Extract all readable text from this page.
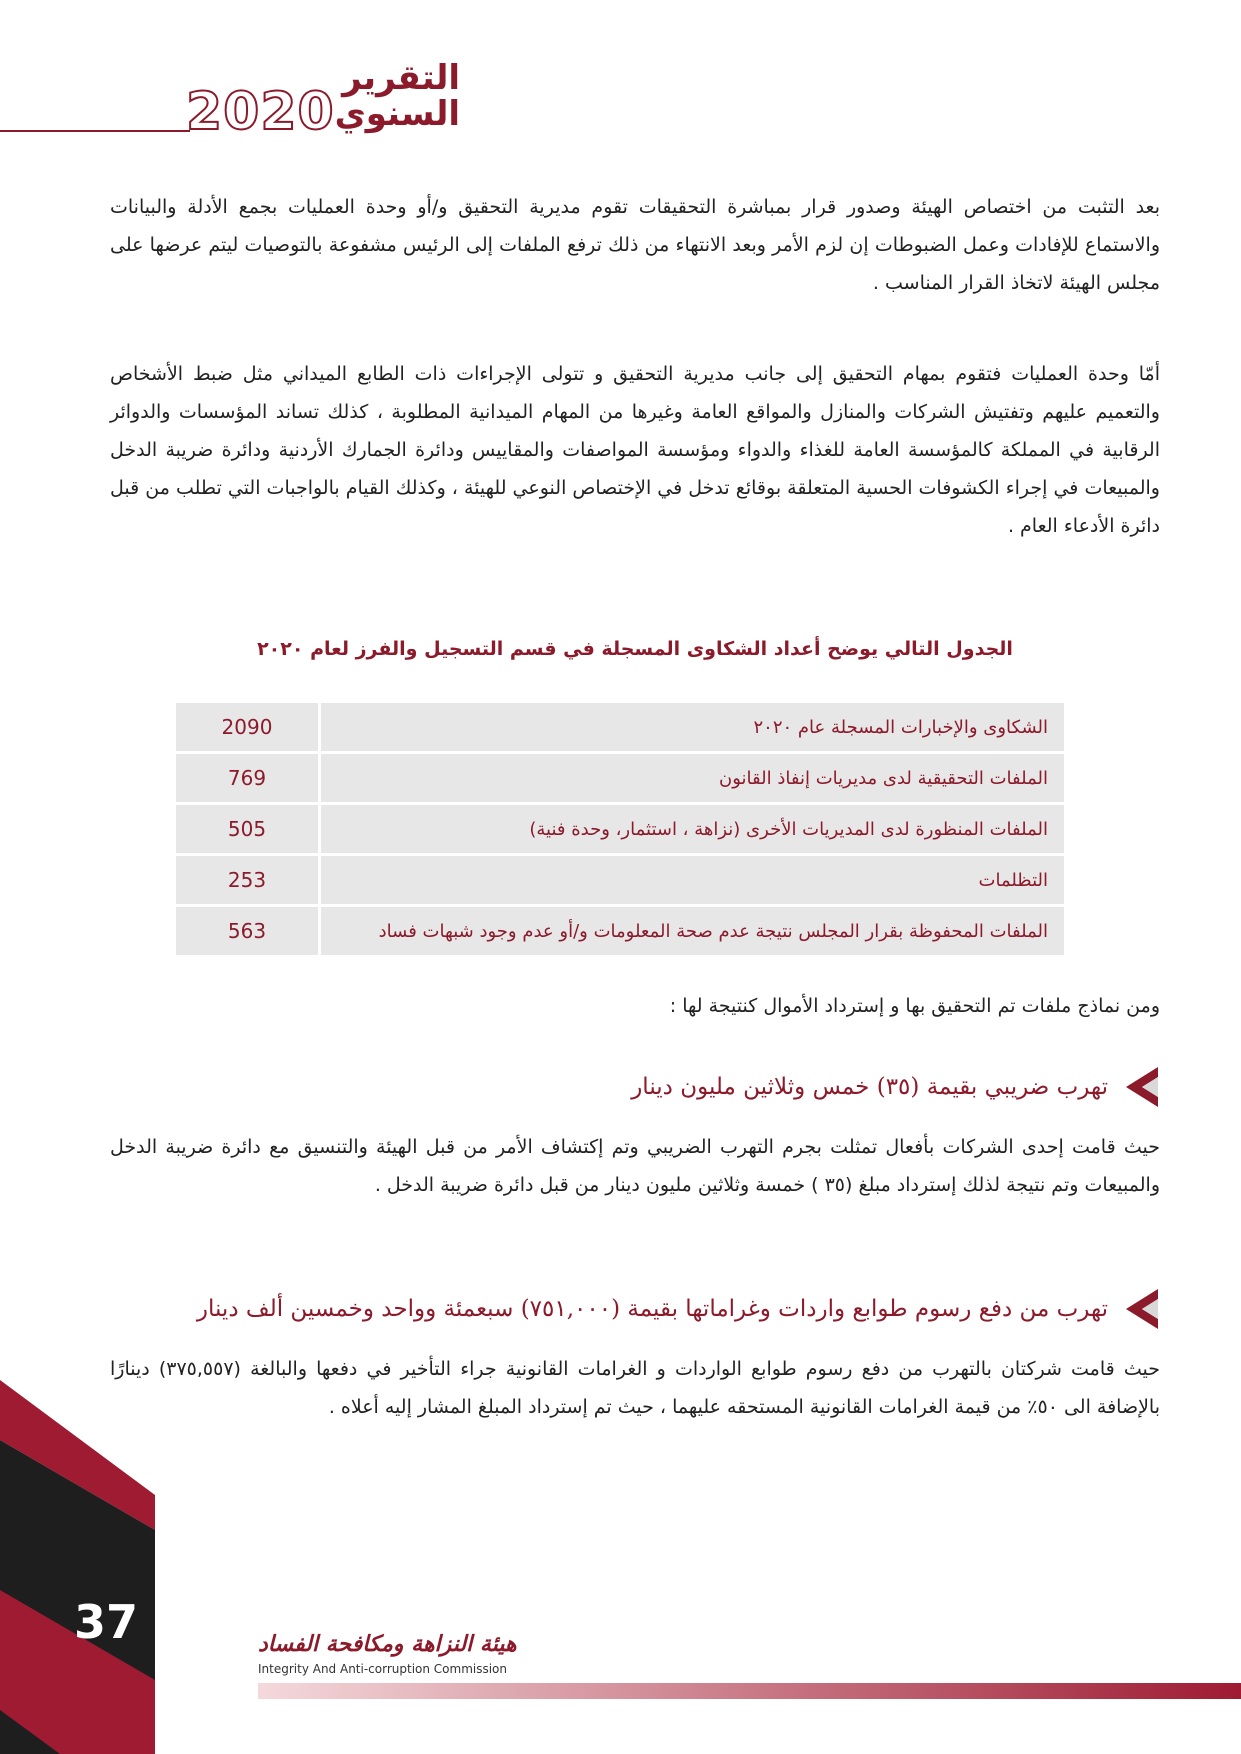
2020
التقرير
السنوي

بعد التثبت من اختصاص الهيئة وصدور قرار بمباشرة التحقيقات تقوم مديرية التحقيق و/أو وحدة العمليات بجمع الأدلة والبيانات والاستماع للإفادات وعمل الضبوطات إن لزم الأمر وبعد الانتهاء من ذلك ترفع الملفات إلى الرئيس مشفوعة بالتوصيات ليتم عرضها على مجلس الهيئة لاتخاذ القرار المناسب .

أمّا وحدة العمليات فتقوم بمهام التحقيق إلى جانب مديرية التحقيق و تتولى الإجراءات ذات الطابع الميداني مثل ضبط الأشخاص والتعميم عليهم وتفتيش الشركات والمنازل والمواقع العامة وغيرها من المهام الميدانية المطلوبة ، كذلك تساند المؤسسات والدوائر الرقابية في المملكة كالمؤسسة العامة للغذاء والدواء ومؤسسة المواصفات والمقاييس ودائرة الجمارك الأردنية ودائرة ضريبة الدخل والمبيعات في إجراء الكشوفات الحسية المتعلقة بوقائع تدخل في الإختصاص النوعي للهيئة ، وكذلك القيام بالواجبات التي تطلب من قبل دائرة الأدعاء العام .

الجدول التالي يوضح أعداد الشكاوى المسجلة في قسم التسجيل والفرز لعام ٢٠٢٠
الشكاوى والإخبارات المسجلة عام ٢٠٢٠	2090
الملفات التحقيقية لدى مديريات إنفاذ القانون	769
الملفات المنظورة لدى المديريات الأخرى (نزاهة ، استثمار، وحدة فنية)	505
التظلمات	253
الملفات المحفوظة بقرار المجلس نتيجة عدم صحة المعلومات و/أو عدم وجود شبهات فساد	563
ومن نماذج ملفات تم التحقيق بها و إسترداد الأموال كنتيجة لها :
تهرب ضريبي بقيمة (٣٥) خمس وثلاثين مليون دينار

حيث قامت إحدى الشركات بأفعال تمثلت بجرم التهرب الضريبي وتم إكتشاف الأمر من قبل الهيئة والتنسيق مع دائرة ضريبة الدخل والمبيعات وتم نتيجة لذلك إسترداد مبلغ (٣٥ ) خمسة وثلاثين مليون دينار من قبل دائرة ضريبة الدخل .

تهرب من دفع رسوم طوابع واردات وغراماتها بقيمة (٧٥١,٠٠٠) سبعمئة وواحد وخمسين ألف دينار

حيث قامت شركتان بالتهرب من دفع رسوم طوابع الواردات و الغرامات القانونية جراء التأخير في دفعها والبالغة (٣٧٥,٥٥٧) دينارًا بالإضافة الى ٥٠٪ من قيمة الغرامات القانونية المستحقه عليهما ، حيث تم إسترداد المبلغ المشار إليه أعلاه .

37	هيئة النزاهة ومكافحة الفساد
Integrity And Anti-corruption Commission
